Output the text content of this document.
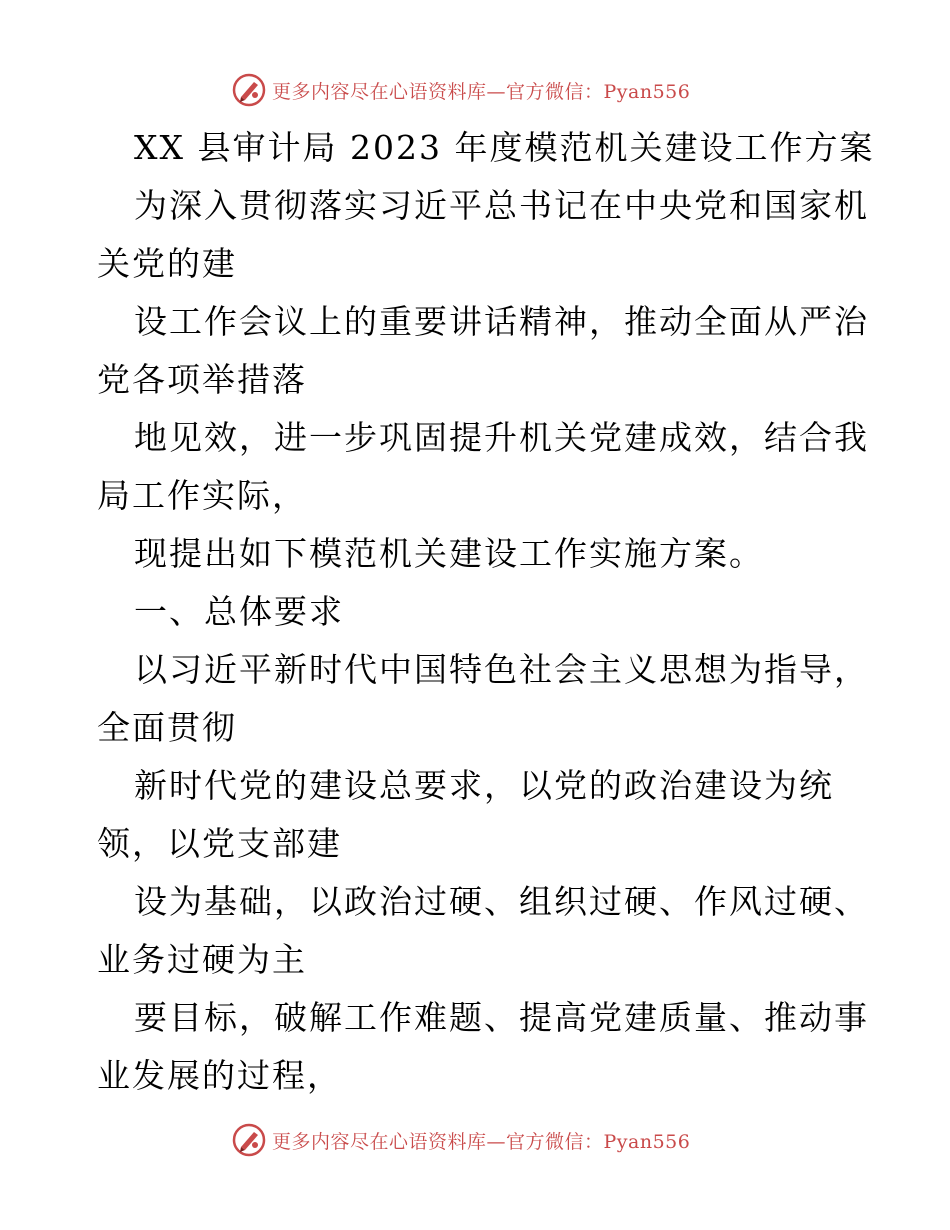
更多内容尽在心语资料库—官方微信：Pyan556
XX 县审计局 2023 年度模范机关建设工作方案
为深入贯彻落实习近平总书记在中央党和国家机
关党的建
设工作会议上的重要讲话精神，推动全面从严治
党各项举措落
地见效，进一步巩固提升机关党建成效，结合我
局工作实际，
现提出如下模范机关建设工作实施方案。
一、总体要求
以习近平新时代中国特色社会主义思想为指导，
全面贯彻
新时代党的建设总要求，以党的政治建设为统
领，以党支部建
设为基础，以政治过硬、组织过硬、作风过硬、
业务过硬为主
要目标，破解工作难题、提高党建质量、推动事
业发展的过程，
更多内容尽在心语资料库—官方微信：Pyan556
